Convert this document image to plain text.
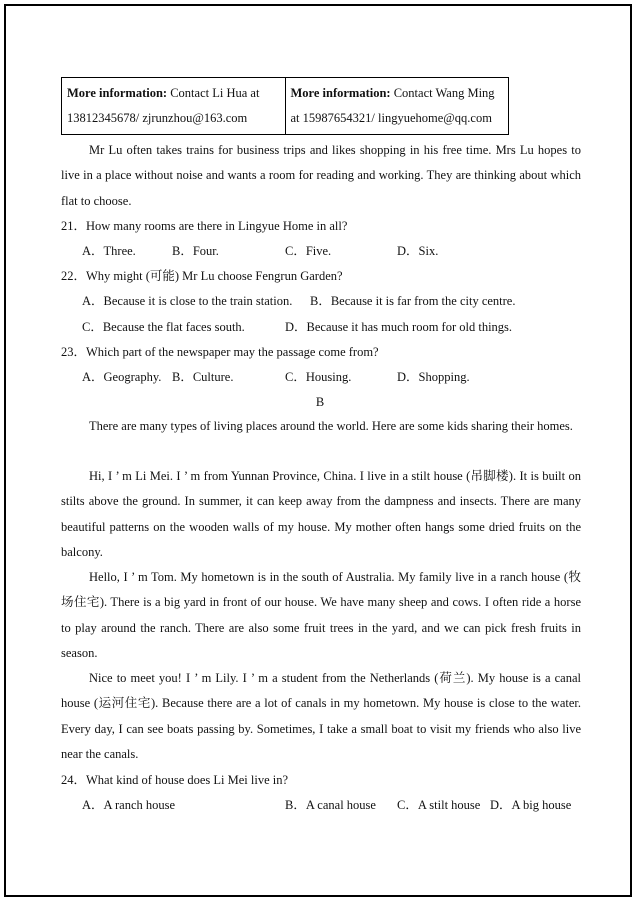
More information: Contact Li Hua at 13812345678/ zjrunzhou@163.com	More information: Contact Wang Ming at 15987654321/ lingyuehome@qq.com
Mr Lu often takes trains for business trips and likes shopping in his free time. Mrs Lu hopes to live in a place without noise and wants a room for reading and working. They are thinking about which flat to choose.
21．How many rooms are there in Lingyue Home in all?
A．Three.	B．Four.	C．Five.	D．Six.
22．Why might (可能) Mr Lu choose Fengrun Garden?
A．Because it is close to the train station. B．Because it is far from the city centre.
C．Because the flat faces south.	D．Because it has much room for old things.
23．Which part of the newspaper may the passage come from?
A．Geography. B．Culture.	C．Housing.	D．Shopping.
B
There are many types of living places around the world. Here are some kids sharing their homes.
Hi, I ’ m Li Mei. I ’ m from Yunnan Province, China. I live in a stilt house (吊脚楼). It is built on stilts above the ground. In summer, it can keep away from the dampness and insects. There are many beautiful patterns on the wooden walls of my house. My mother often hangs some dried fruits on the balcony.
Hello, I ’ m Tom. My hometown is in the south of Australia. My family live in a ranch house (牧场住宅). There is a big yard in front of our house. We have many sheep and cows. I often ride a horse to play around the ranch. There are also some fruit trees in the yard, and we can pick fresh fruits in season.
Nice to meet you! I ’ m Lily. I ’ m a student from the Netherlands (荷兰). My house is a canal house (运河住宅). Because there are a lot of canals in my hometown. My house is close to the water. Every day, I can see boats passing by. Sometimes, I take a small boat to visit my friends who also live near the canals.
24．What kind of house does Li Mei live in?
A．A ranch house	B．A canal house C．A stilt house D．A big house
